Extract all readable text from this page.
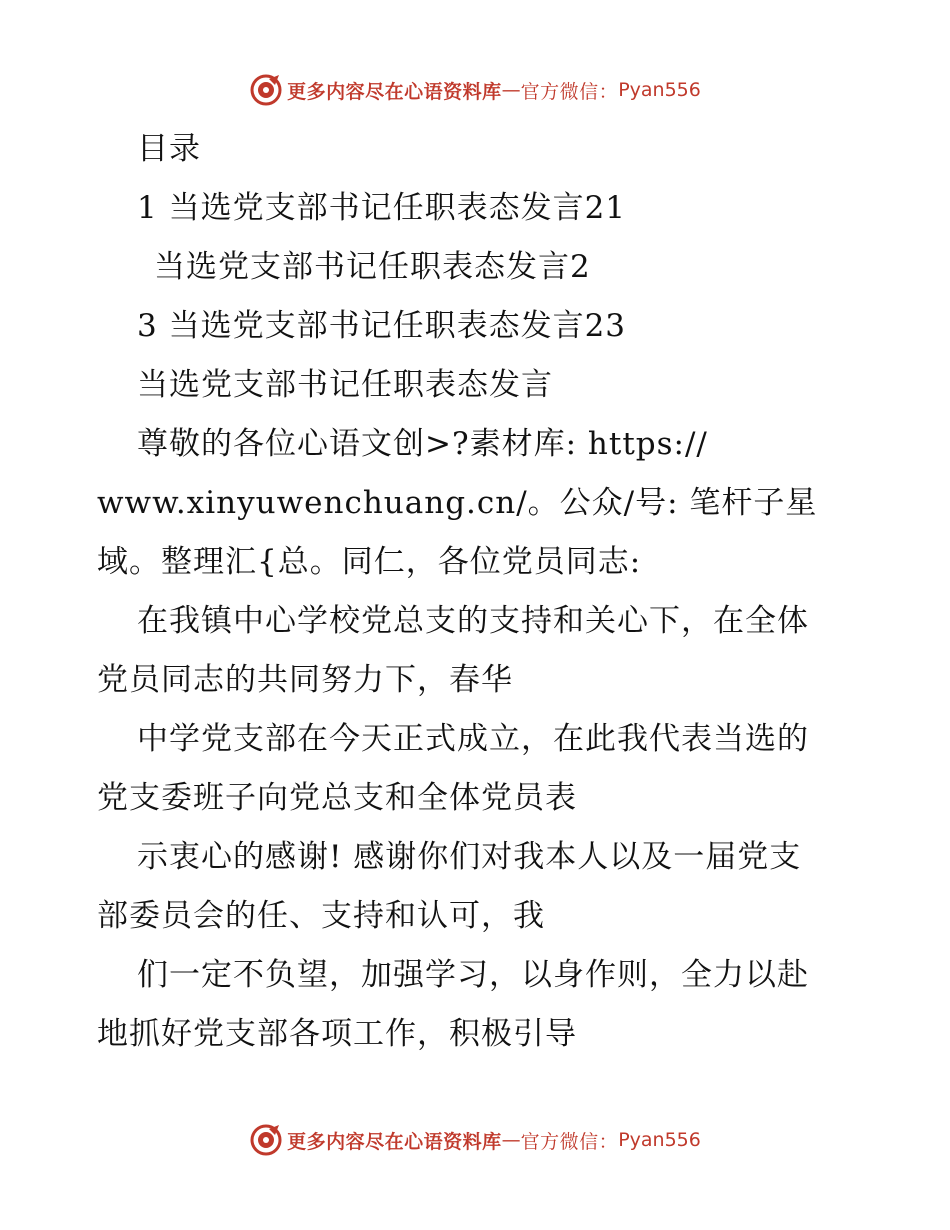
更多内容尽在心语资料库 — 官方微信： Pyan556
目录
1 当选党支部书记任职表态发言21
当选党支部书记任职表态发言2
3 当选党支部书记任职表态发言23
当选党支部书记任职表态发言
尊敬的各位心语文创>?素材库: https://
www.xinyuwenchuang.cn/。公众/号: 笔杆子星
域。整理汇{总。同仁，各位党员同志:
在我镇中心学校党总支的支持和关心下，在全体
党员同志的共同努力下，春华
中学党支部在今天正式成立，在此我代表当选的
党支委班子向党总支和全体党员表
示衷心的感谢! 感谢你们对我本人以及一届党支
部委员会的任、支持和认可，我
们一定不负望，加强学习，以身作则，全力以赴
地抓好党支部各项工作，积极引导
更多内容尽在心语资料库 — 官方微信： Pyan556
